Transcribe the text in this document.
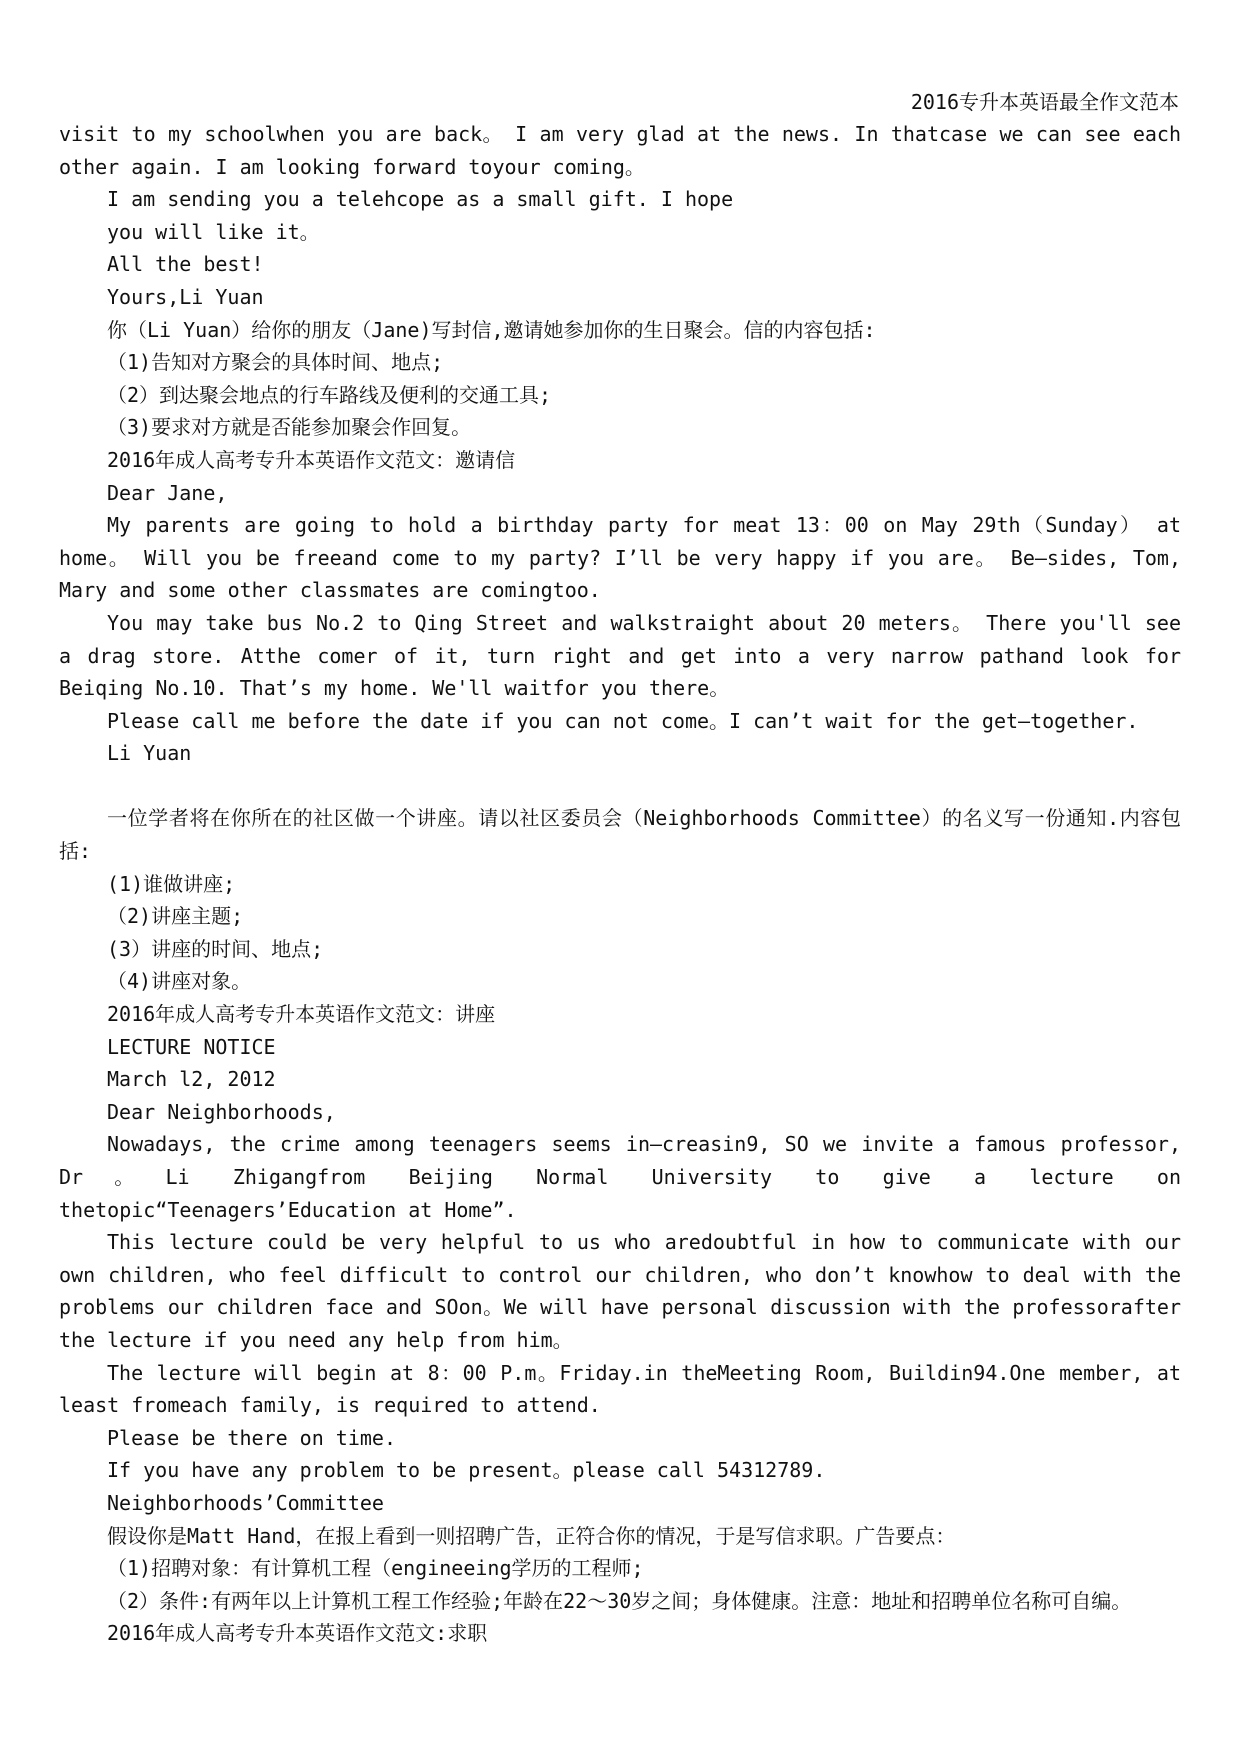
2016专升本英语最全作文范本

visit to my schoolwhen you are back。 I am very glad at the news. In thatcase we can see each other again. I am looking forward toyour coming。

I am sending you a telehcope as a small gift. I hope

you will like it。

All the best!

Yours,Li Yuan

你（Li Yuan）给你的朋友（Jane)写封信,邀请她参加你的生日聚会。信的内容包括:

（1)告知对方聚会的具体时间、地点;

（2）到达聚会地点的行车路线及便利的交通工具;

（3)要求对方就是否能参加聚会作回复。

2016年成人高考专升本英语作文范文：邀请信

Dear Jane,

My parents are going to hold a birthday party for meat 13：00 on May 29th（Sunday） at home。 Will you be freeand come to my party? I’ll be very happy if you are。 Be—sides, Tom, Mary and some other classmates are comingtoo.

You may take bus No.2 to Qing Street and walkstraight about 20 meters。 There you'll see a drag store. Atthe comer of it, turn right and get into a very narrow pathand look for Beiqing No.10. That’s my home. We'll waitfor you there。

Please call me before the date if you can not come。I can’t wait for the get—together.

Li Yuan

一位学者将在你所在的社区做一个讲座。请以社区委员会（Neighborhoods Committee）的名义写一份通知.内容包括:

(1)谁做讲座;

（2)讲座主题;

(3）讲座的时间、地点;

（4)讲座对象。

2016年成人高考专升本英语作文范文：讲座

LECTURE NOTICE

March l2, 2012

Dear Neighborhoods,

Nowadays, the crime among teenagers seems in—creasin9, SO we invite a famous professor, Dr。Li Zhigangfrom Beijing Normal University to give a lecture on thetopic“Teenagers’Education at Home”.

This lecture could be very helpful to us who aredoubtful in how to communicate with our own children, who feel difficult to control our children, who don’t knowhow to deal with the problems our children face and SOon。We will have personal discussion with the professorafter the lecture if you need any help from him。

The lecture will begin at 8：00 P.m。Friday.in theMeeting Room, Buildin94.One member, at least fromeach family, is required to attend.

Please be there on time.

If you have any problem to be present。please call 54312789.

Neighborhoods’Committee

假设你是Matt Hand，在报上看到一则招聘广告，正符合你的情况，于是写信求职。广告要点：

（1)招聘对象：有计算机工程（engineeing学历的工程师;

（2）条件:有两年以上计算机工程工作经验;年龄在22～30岁之间；身体健康。注意：地址和招聘单位名称可自编。

2016年成人高考专升本英语作文范文:求职
